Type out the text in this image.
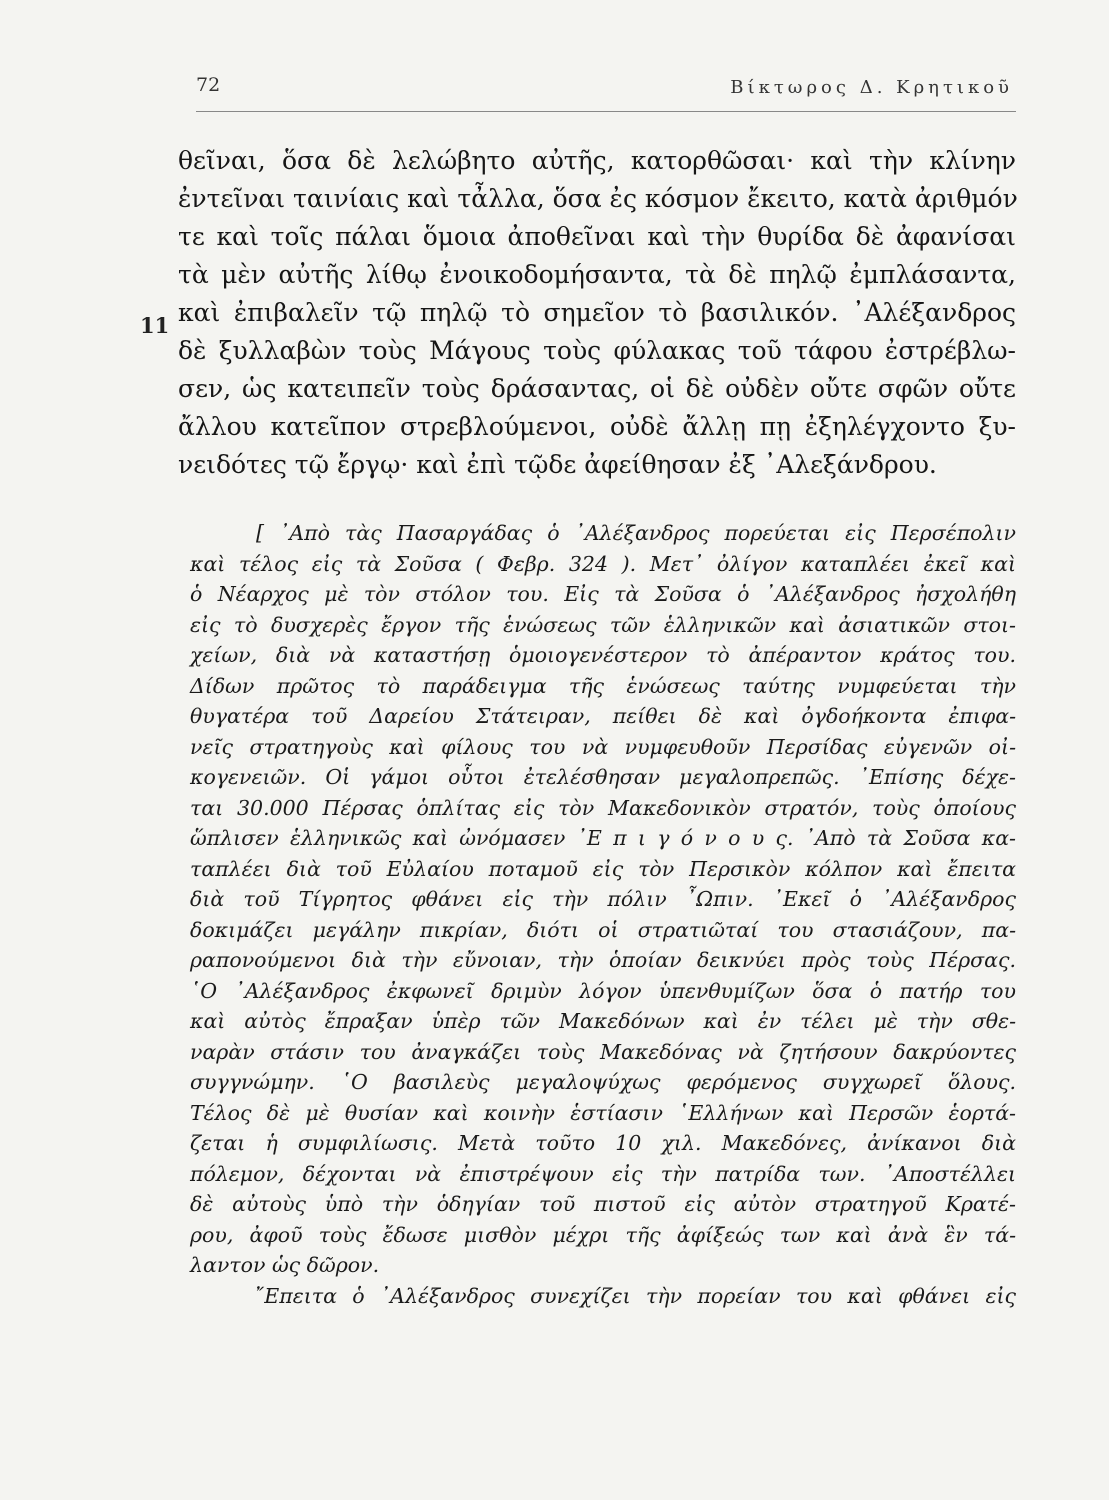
72	Βίκτωρος Δ. Κρητικοῦ
11
θεῖναι, ὅσα δὲ λελώβητο αὐτῆς, κατορθῶσαι· καὶ τὴν κλίνην
ἐντεῖναι ταινίαις καὶ τἆλλα, ὅσα ἐς κόσμον ἔκειτο, κατὰ ἀριθμόν
τε καὶ τοῖς πάλαι ὅμοια ἀποθεῖναι καὶ τὴν θυρίδα δὲ ἀφανίσαι
τὰ μὲν αὐτῆς λίθῳ ἐνοικοδομήσαντα, τὰ δὲ πηλῷ ἐμπλάσαντα,
καὶ ἐπιβαλεῖν τῷ πηλῷ τὸ σημεῖον τὸ βασιλικόν. ᾽Αλέξανδρος
δὲ ξυλλαβὼν τοὺς Μάγους τοὺς φύλακας τοῦ τάφου ἐστρέβλω-
σεν, ὡς κατειπεῖν τοὺς δράσαντας, οἱ δὲ οὐδὲν οὔτε σφῶν οὔτε
ἄλλου κατεῖπον στρεβλούμενοι, οὐδὲ ἄλλῃ πῃ ἐξηλέγχοντο ξυ-
νειδότες τῷ ἔργῳ· καὶ ἐπὶ τῷδε ἀφείθησαν ἐξ ᾽Αλεξάνδρου.
[ ᾽Απὸ τὰς Πασαργάδας ὁ ᾽Αλέξανδρος πορεύεται εἰς Περσέπολιν
καὶ τέλος εἰς τὰ Σοῦσα ( Φεβρ. 324 ). Μετ᾽ ὀλίγον καταπλέει ἐκεῖ καὶ
ὁ Νέαρχος μὲ τὸν στόλον του. Εἰς τὰ Σοῦσα ὁ ᾽Αλέξανδρος ἠσχολήθη
εἰς τὸ δυσχερὲς ἔργον τῆς ἑνώσεως τῶν ἑλληνικῶν καὶ ἀσιατικῶν στοι-
χείων, διὰ νὰ καταστήσῃ ὁμοιογενέστερον τὸ ἀπέραντον κράτος του.
Δίδων πρῶτος τὸ παράδειγμα τῆς ἑνώσεως ταύτης νυμφεύεται τὴν
θυγατέρα τοῦ Δαρείου Στάτειραν, πείθει δὲ καὶ ὀγδοήκοντα ἐπιφα-
νεῖς στρατηγοὺς καὶ φίλους του νὰ νυμφευθοῦν Περσίδας εὐγενῶν οἰ-
κογενειῶν. Οἱ γάμοι οὗτοι ἐτελέσθησαν μεγαλοπρεπῶς. ᾽Επίσης δέχε-
ται 30.000 Πέρσας ὁπλίτας εἰς τὸν Μακεδονικὸν στρατόν, τοὺς ὁποίους
ὥπλισεν ἑλληνικῶς καὶ ὠνόμασεν ᾽Ε π ι γ ό ν ο υ ς. ᾽Απὸ τὰ Σοῦσα κα-
ταπλέει διὰ τοῦ Εὐλαίου ποταμοῦ εἰς τὸν Περσικὸν κόλπον καὶ ἔπειτα
διὰ τοῦ Τίγρητος φθάνει εἰς τὴν πόλιν ῏Ωπιν. ᾽Εκεῖ ὁ ᾽Αλέξανδρος
δοκιμάζει μεγάλην πικρίαν, διότι οἱ στρατιῶταί του στασιάζουν, πα-
ραπονούμενοι διὰ τὴν εὔνοιαν, τὴν ὁποίαν δεικνύει πρὸς τοὺς Πέρσας.
῾Ο ᾽Αλέξανδρος ἐκφωνεῖ δριμὺν λόγον ὑπενθυμίζων ὅσα ὁ πατήρ του
καὶ αὐτὸς ἔπραξαν ὑπὲρ τῶν Μακεδόνων καὶ ἐν τέλει μὲ τὴν σθε-
ναρὰν στάσιν του ἀναγκάζει τοὺς Μακεδόνας νὰ ζητήσουν δακρύοντες
συγγνώμην. ῾Ο βασιλεὺς μεγαλοψύχως φερόμενος συγχωρεῖ ὅλους.
Τέλος δὲ μὲ θυσίαν καὶ κοινὴν ἑστίασιν ῾Ελλήνων καὶ Περσῶν ἑορτά-
ζεται ἡ συμφιλίωσις. Μετὰ τοῦτο 10 χιλ. Μακεδόνες, ἀνίκανοι διὰ
πόλεμον, δέχονται νὰ ἐπιστρέψουν εἰς τὴν πατρίδα των. ᾽Αποστέλλει
δὲ αὐτοὺς ὑπὸ τὴν ὁδηγίαν τοῦ πιστοῦ εἰς αὐτὸν στρατηγοῦ Κρατέ-
ρου, ἀφοῦ τοὺς ἔδωσε μισθὸν μέχρι τῆς ἀφίξεώς των καὶ ἀνὰ ἓν τά-
λαντον ὡς δῶρον.
῎Επειτα ὁ ᾽Αλέξανδρος συνεχίζει τὴν πορείαν του καὶ φθάνει εἰς
